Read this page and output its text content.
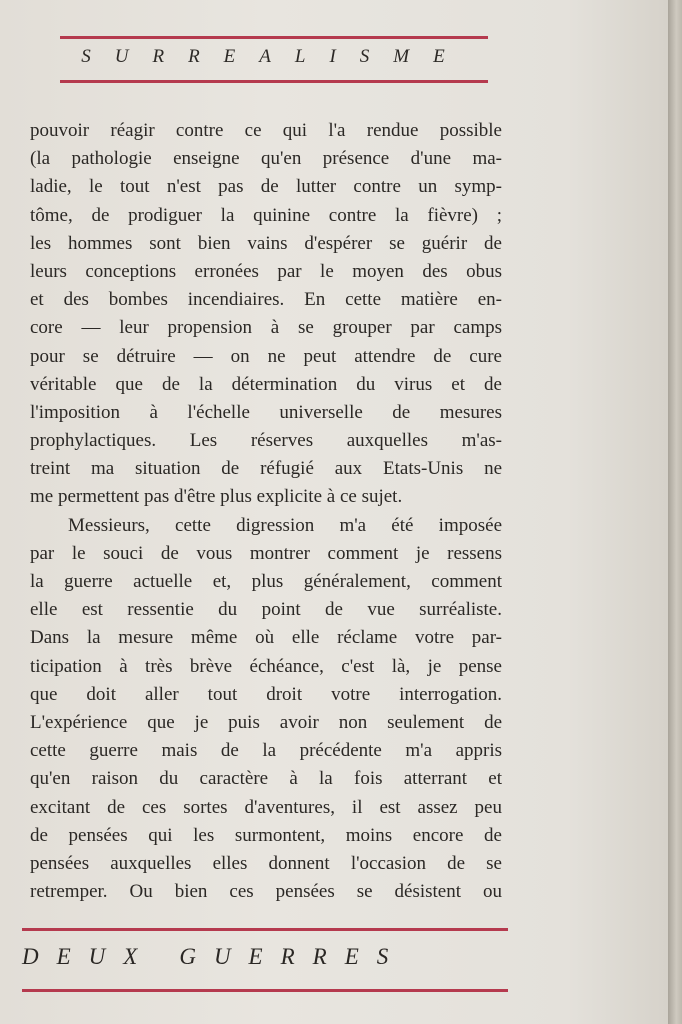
SURREALISME
pouvoir réagir contre ce qui l'a rendue possible
(la pathologie enseigne qu'en présence d'une ma-
ladie, le tout n'est pas de lutter contre un symp-
tôme, de prodiguer la quinine contre la fièvre) ;
les hommes sont bien vains d'espérer se guérir de
leurs conceptions erronées par le moyen des obus
et des bombes incendiaires. En cette matière en-
core — leur propension à se grouper par camps
pour se détruire — on ne peut attendre de cure
véritable que de la détermination du virus et de
l'imposition à l'échelle universelle de mesures
prophylactiques. Les réserves auxquelles m'as-
treint ma situation de réfugié aux Etats-Unis ne
me permettent pas d'être plus explicite à ce sujet.
Messieurs, cette digression m'a été imposée
par le souci de vous montrer comment je ressens
la guerre actuelle et, plus généralement, comment
elle est ressentie du point de vue surréaliste.
Dans la mesure même où elle réclame votre par-
ticipation à très brève échéance, c'est là, je pense
que doit aller tout droit votre interrogation.
L'expérience que je puis avoir non seulement de
cette guerre mais de la précédente m'a appris
qu'en raison du caractère à la fois atterrant et
excitant de ces sortes d'aventures, il est assez peu
de pensées qui les surmontent, moins encore de
pensées auxquelles elles donnent l'occasion de se
retremper. Ou bien ces pensées se désistent ou
DEUX GUERRES
